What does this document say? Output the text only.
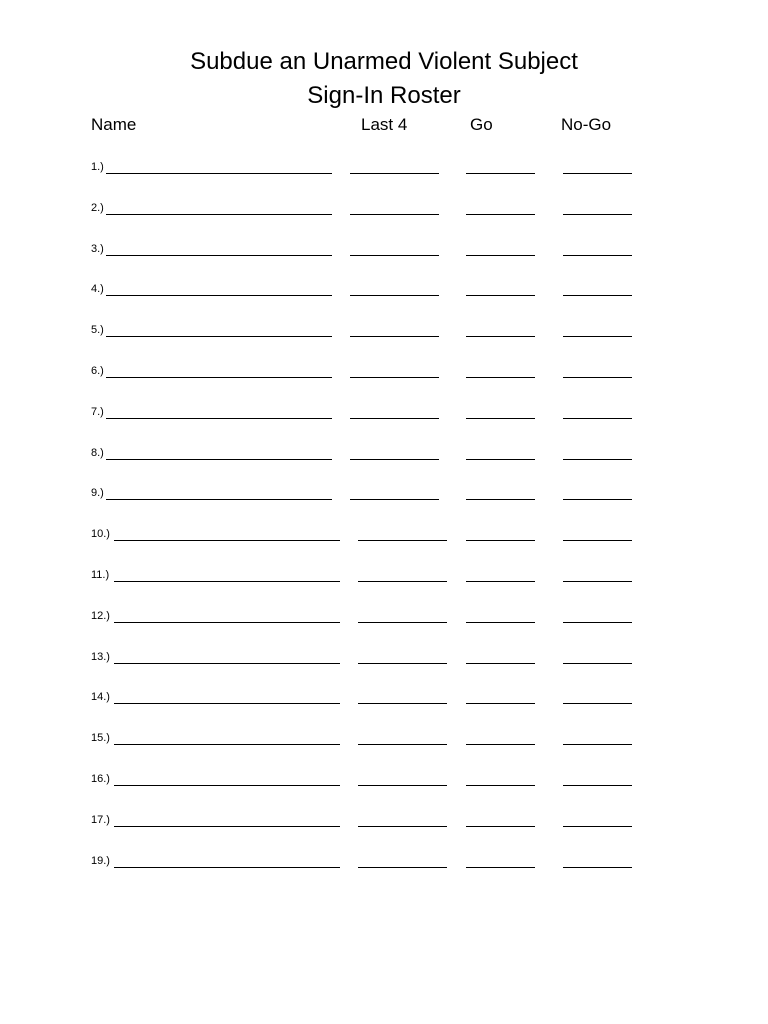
Subdue an Unarmed Violent Subject
Sign-In Roster
Name	Last 4	Go	No-Go
1.)
2.)
3.)
4.)
5.)
6.)
7.)
8.)
9.)
10.)
11.)
12.)
13.)
14.)
15.)
16.)
17.)
19.)
